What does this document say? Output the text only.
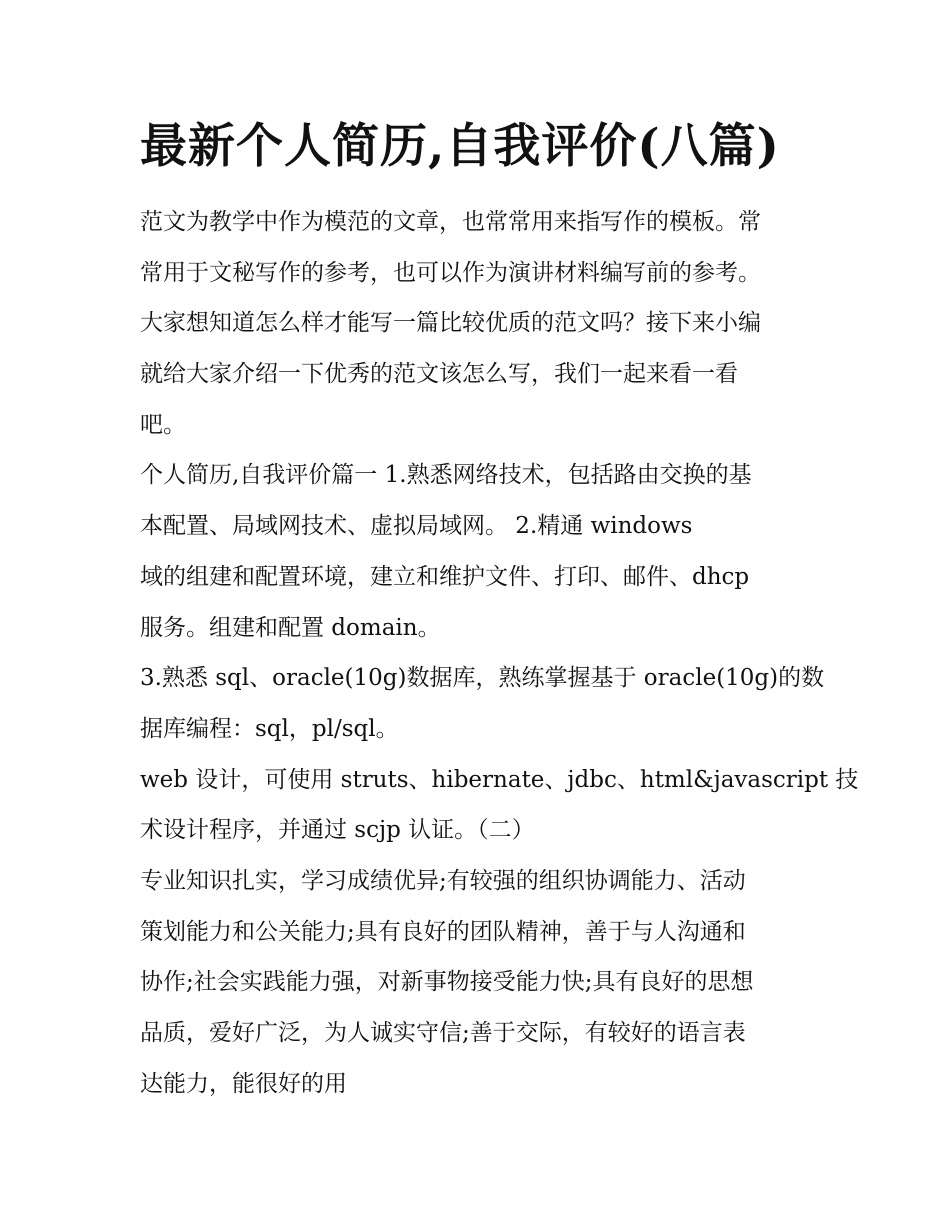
最新个人简历,自我评价(八篇)
范文为教学中作为模范的文章，也常常用来指写作的模板。常
常用于文秘写作的参考，也可以作为演讲材料编写前的参考。
大家想知道怎么样才能写一篇比较优质的范文吗？接下来小编
就给大家介绍一下优秀的范文该怎么写，我们一起来看一看
吧。
个人简历,自我评价篇一 1.熟悉网络技术，包括路由交换的基
本配置、局域网技术、虚拟局域网。 2.精通 windows
域的组建和配置环境，建立和维护文件、打印、邮件、dhcp
服务。组建和配置 domain。
3.熟悉 sql、oracle(10g)数据库，熟练掌握基于 oracle(10g)的数
据库编程：sql，pl/sql。
web 设计，可使用 struts、hibernate、jdbc、html&javascript 技
术设计程序，并通过 scjp 认证。（二）
专业知识扎实，学习成绩优异;有较强的组织协调能力、活动
策划能力和公关能力;具有良好的团队精神，善于与人沟通和
协作;社会实践能力强，对新事物接受能力快;具有良好的思想
品质，爱好广泛，为人诚实守信;善于交际，有较好的语言表
达能力，能很好的用
